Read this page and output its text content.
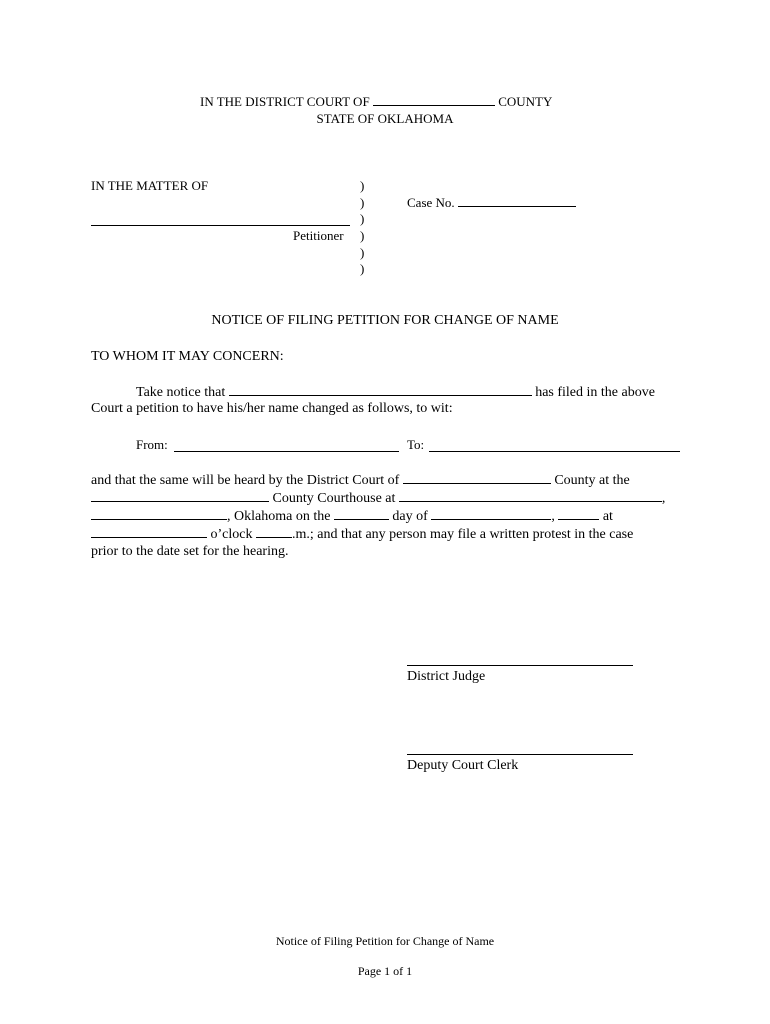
IN THE DISTRICT COURT OF	COUNTY
STATE OF OKLAHOMA
IN THE MATTER OF
Petitioner
)
)
)
)
)
)
Case No.
NOTICE OF FILING PETITION FOR CHANGE OF NAME
TO WHOM IT MAY CONCERN:
Take notice that	has filed in the above
Court a petition to have his/her name changed as follows, to wit:
From:	To:
and that the same will be heard by the District Court of	County at the
County Courthouse at	,
, Oklahoma on the	day of	,	at
o’clock	.m.; and that any person may file a written protest in the case
prior to the date set for the hearing.
District Judge
Deputy Court Clerk
Notice of Filing Petition for Change of Name
Page 1 of 1
